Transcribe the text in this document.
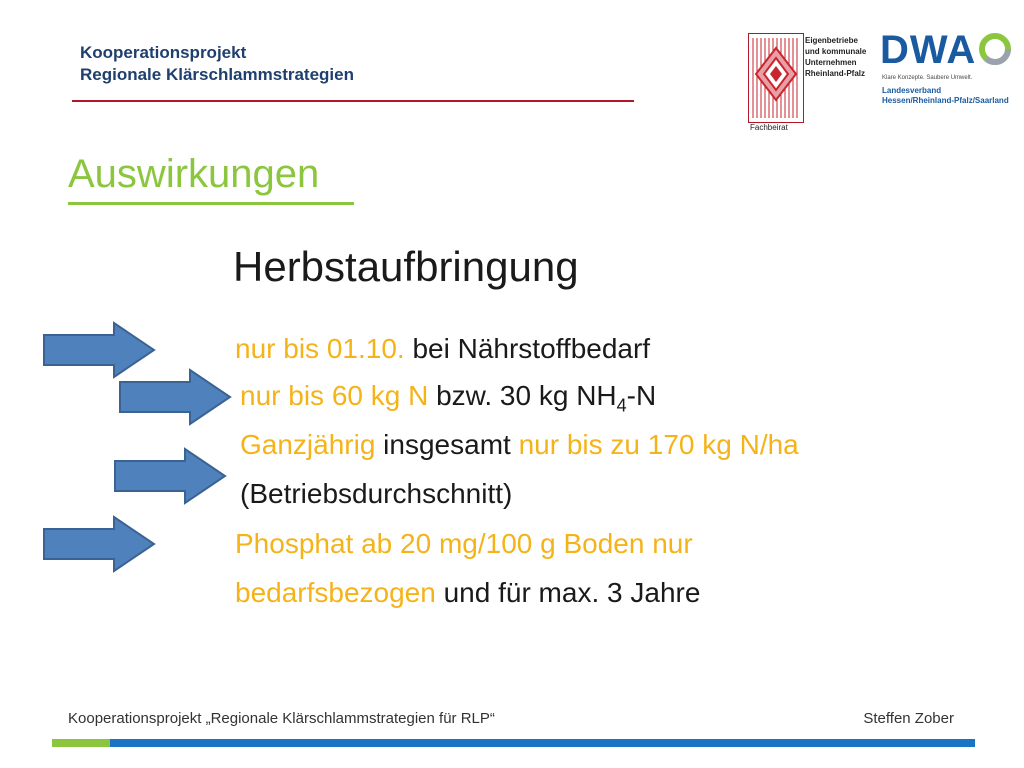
Kooperationsprojekt
Regionale Klärschlammstrategien
Eigenbetriebe
und kommunale
Unternehmen
Rheinland-Pfalz
Fachbeirat
DWA
Klare Konzepte. Saubere Umwelt.
Landesverband
Hessen/Rheinland-Pfalz/Saarland
Auswirkungen
Herbstaufbringung
nur bis 01.10. bei Nährstoffbedarf
nur bis 60 kg N bzw. 30 kg $NH_4-N$
Ganzjährig insgesamt nur bis zu 170 kg N/ha
(Betriebsdurchschnitt)
Phosphat ab 20 mg/100 g Boden nur
bedarfsbezogen und für max. 3 Jahre
Kooperationsprojekt „Regionale Klärschlammstrategien für RLP“	Steffen Zober
